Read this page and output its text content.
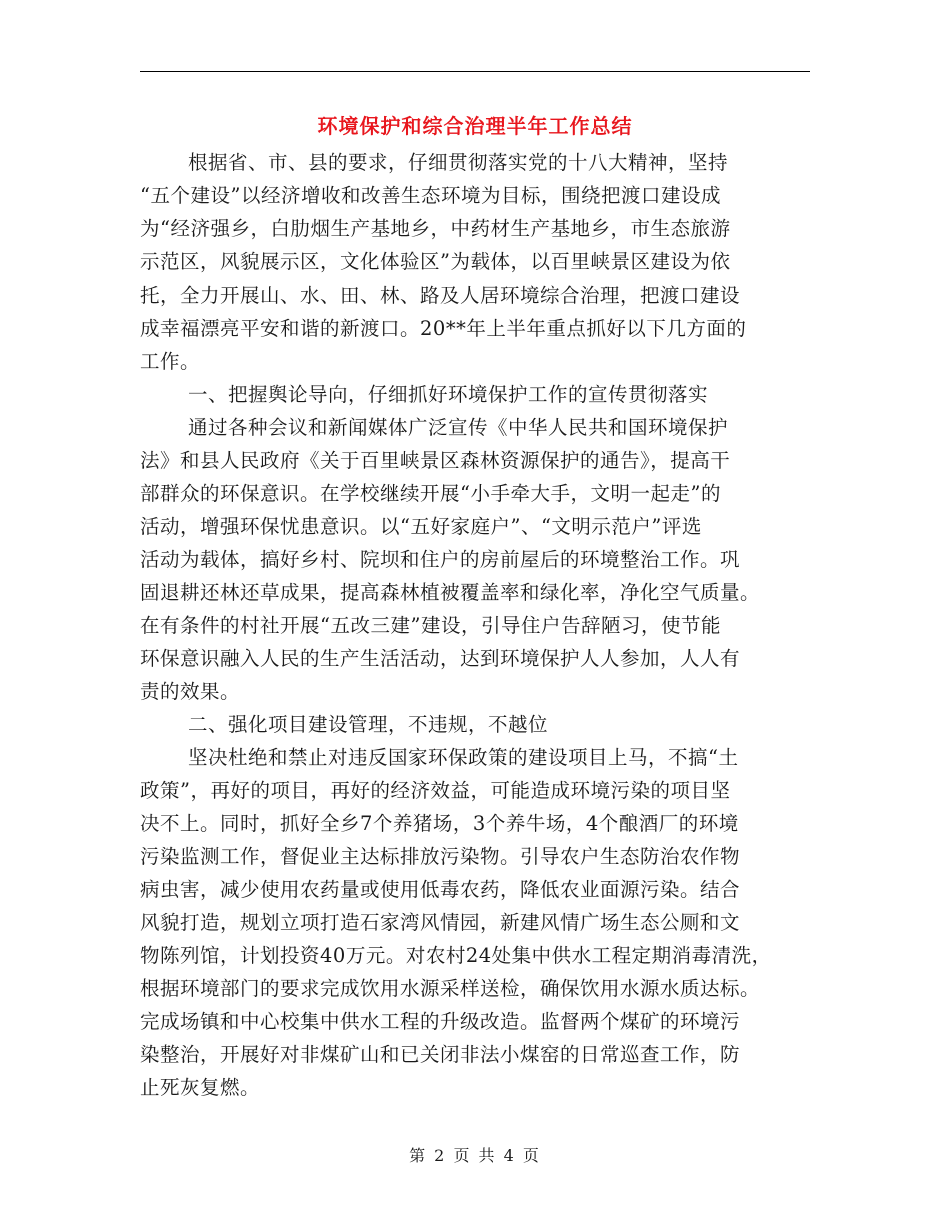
环境保护和综合治理半年工作总结
根据省、市、县的要求，仔细贯彻落实党的十八大精神，坚持
“五个建设”以经济增收和改善生态环境为目标，围绕把渡口建设成
为“经济强乡，白肋烟生产基地乡，中药材生产基地乡，市生态旅游
示范区，风貌展示区，文化体验区”为载体，以百里峡景区建设为依
托，全力开展山、水、田、林、路及人居环境综合治理，把渡口建设
成幸福漂亮平安和谐的新渡口。20**年上半年重点抓好以下几方面的
工作。
一、把握舆论导向，仔细抓好环境保护工作的宣传贯彻落实
通过各种会议和新闻媒体广泛宣传《中华人民共和国环境保护
法》和县人民政府《关于百里峡景区森林资源保护的通告》，提高干
部群众的环保意识。在学校继续开展“小手牵大手，文明一起走”的
活动，增强环保忧患意识。以“五好家庭户”、“文明示范户”评选
活动为载体，搞好乡村、院坝和住户的房前屋后的环境整治工作。巩
固退耕还林还草成果，提高森林植被覆盖率和绿化率，净化空气质量。
在有条件的村社开展“五改三建”建设，引导住户告辞陋习，使节能
环保意识融入人民的生产生活活动，达到环境保护人人参加，人人有
责的效果。
二、强化项目建设管理，不违规，不越位
坚决杜绝和禁止对违反国家环保政策的建设项目上马，不搞“土
政策”，再好的项目，再好的经济效益，可能造成环境污染的项目坚
决不上。同时，抓好全乡7个养猪场，3个养牛场，4个酿酒厂的环境
污染监测工作，督促业主达标排放污染物。引导农户生态防治农作物
病虫害，减少使用农药量或使用低毒农药，降低农业面源污染。结合
风貌打造，规划立项打造石家湾风情园，新建风情广场生态公厕和文
物陈列馆，计划投资40万元。对农村24处集中供水工程定期消毒清洗，
根据环境部门的要求完成饮用水源采样送检，确保饮用水源水质达标。
完成场镇和中心校集中供水工程的升级改造。监督两个煤矿的环境污
染整治，开展好对非煤矿山和已关闭非法小煤窑的日常巡查工作，防
止死灰复燃。
第 2 页 共 4 页
